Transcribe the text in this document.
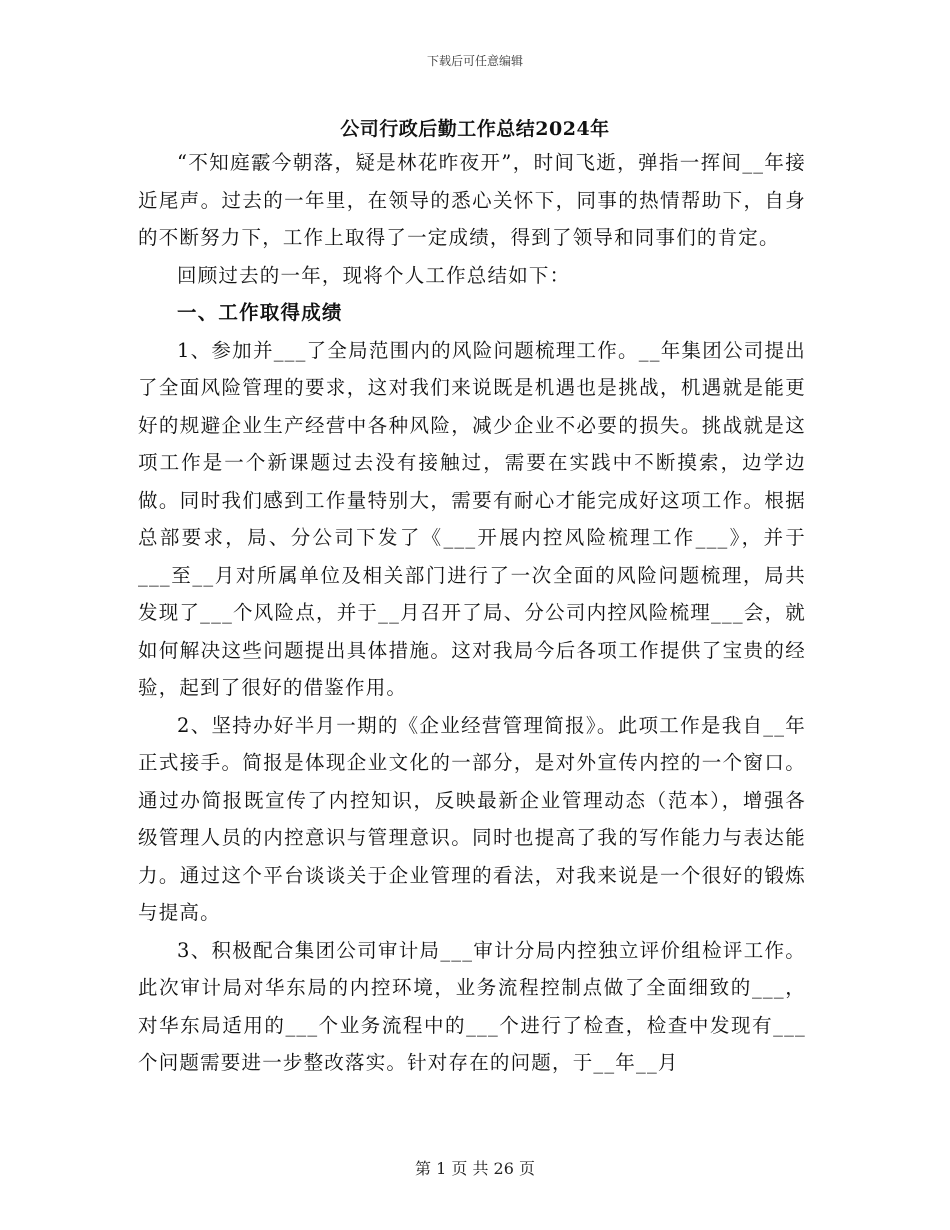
下载后可任意编辑
公司行政后勤工作总结2024年

“不知庭霰今朝落，疑是林花昨夜开”，时间飞逝，弹指一挥间__年接近尾声。过去的一年里，在领导的悉心关怀下，同事的热情帮助下，自身的不断努力下，工作上取得了一定成绩，得到了领导和同事们的肯定。

回顾过去的一年，现将个人工作总结如下：

一、工作取得成绩

1、参加并___了全局范围内的风险问题梳理工作。__年集团公司提出了全面风险管理的要求，这对我们来说既是机遇也是挑战，机遇就是能更好的规避企业生产经营中各种风险，减少企业不必要的损失。挑战就是这项工作是一个新课题过去没有接触过，需要在实践中不断摸索，边学边做。同时我们感到工作量特别大，需要有耐心才能完成好这项工作。根据总部要求，局、分公司下发了《___开展内控风险梳理工作___》，并于___至__月对所属单位及相关部门进行了一次全面的风险问题梳理，局共发现了___个风险点，并于__月召开了局、分公司内控风险梳理___会，就如何解决这些问题提出具体措施。这对我局今后各项工作提供了宝贵的经验，起到了很好的借鉴作用。

2、坚持办好半月一期的《企业经营管理简报》。此项工作是我自__年正式接手。简报是体现企业文化的一部分，是对外宣传内控的一个窗口。通过办简报既宣传了内控知识，反映最新企业管理动态（范本），增强各级管理人员的内控意识与管理意识。同时也提高了我的写作能力与表达能力。通过这个平台谈谈关于企业管理的看法，对我来说是一个很好的锻炼与提高。

3、积极配合集团公司审计局___审计分局内控独立评价组检评工作。此次审计局对华东局的内控环境，业务流程控制点做了全面细致的___，对华东局适用的___个业务流程中的___个进行了检查，检查中发现有___个问题需要进一步整改落实。针对存在的问题，于__年__月

第 1 页 共 26 页
